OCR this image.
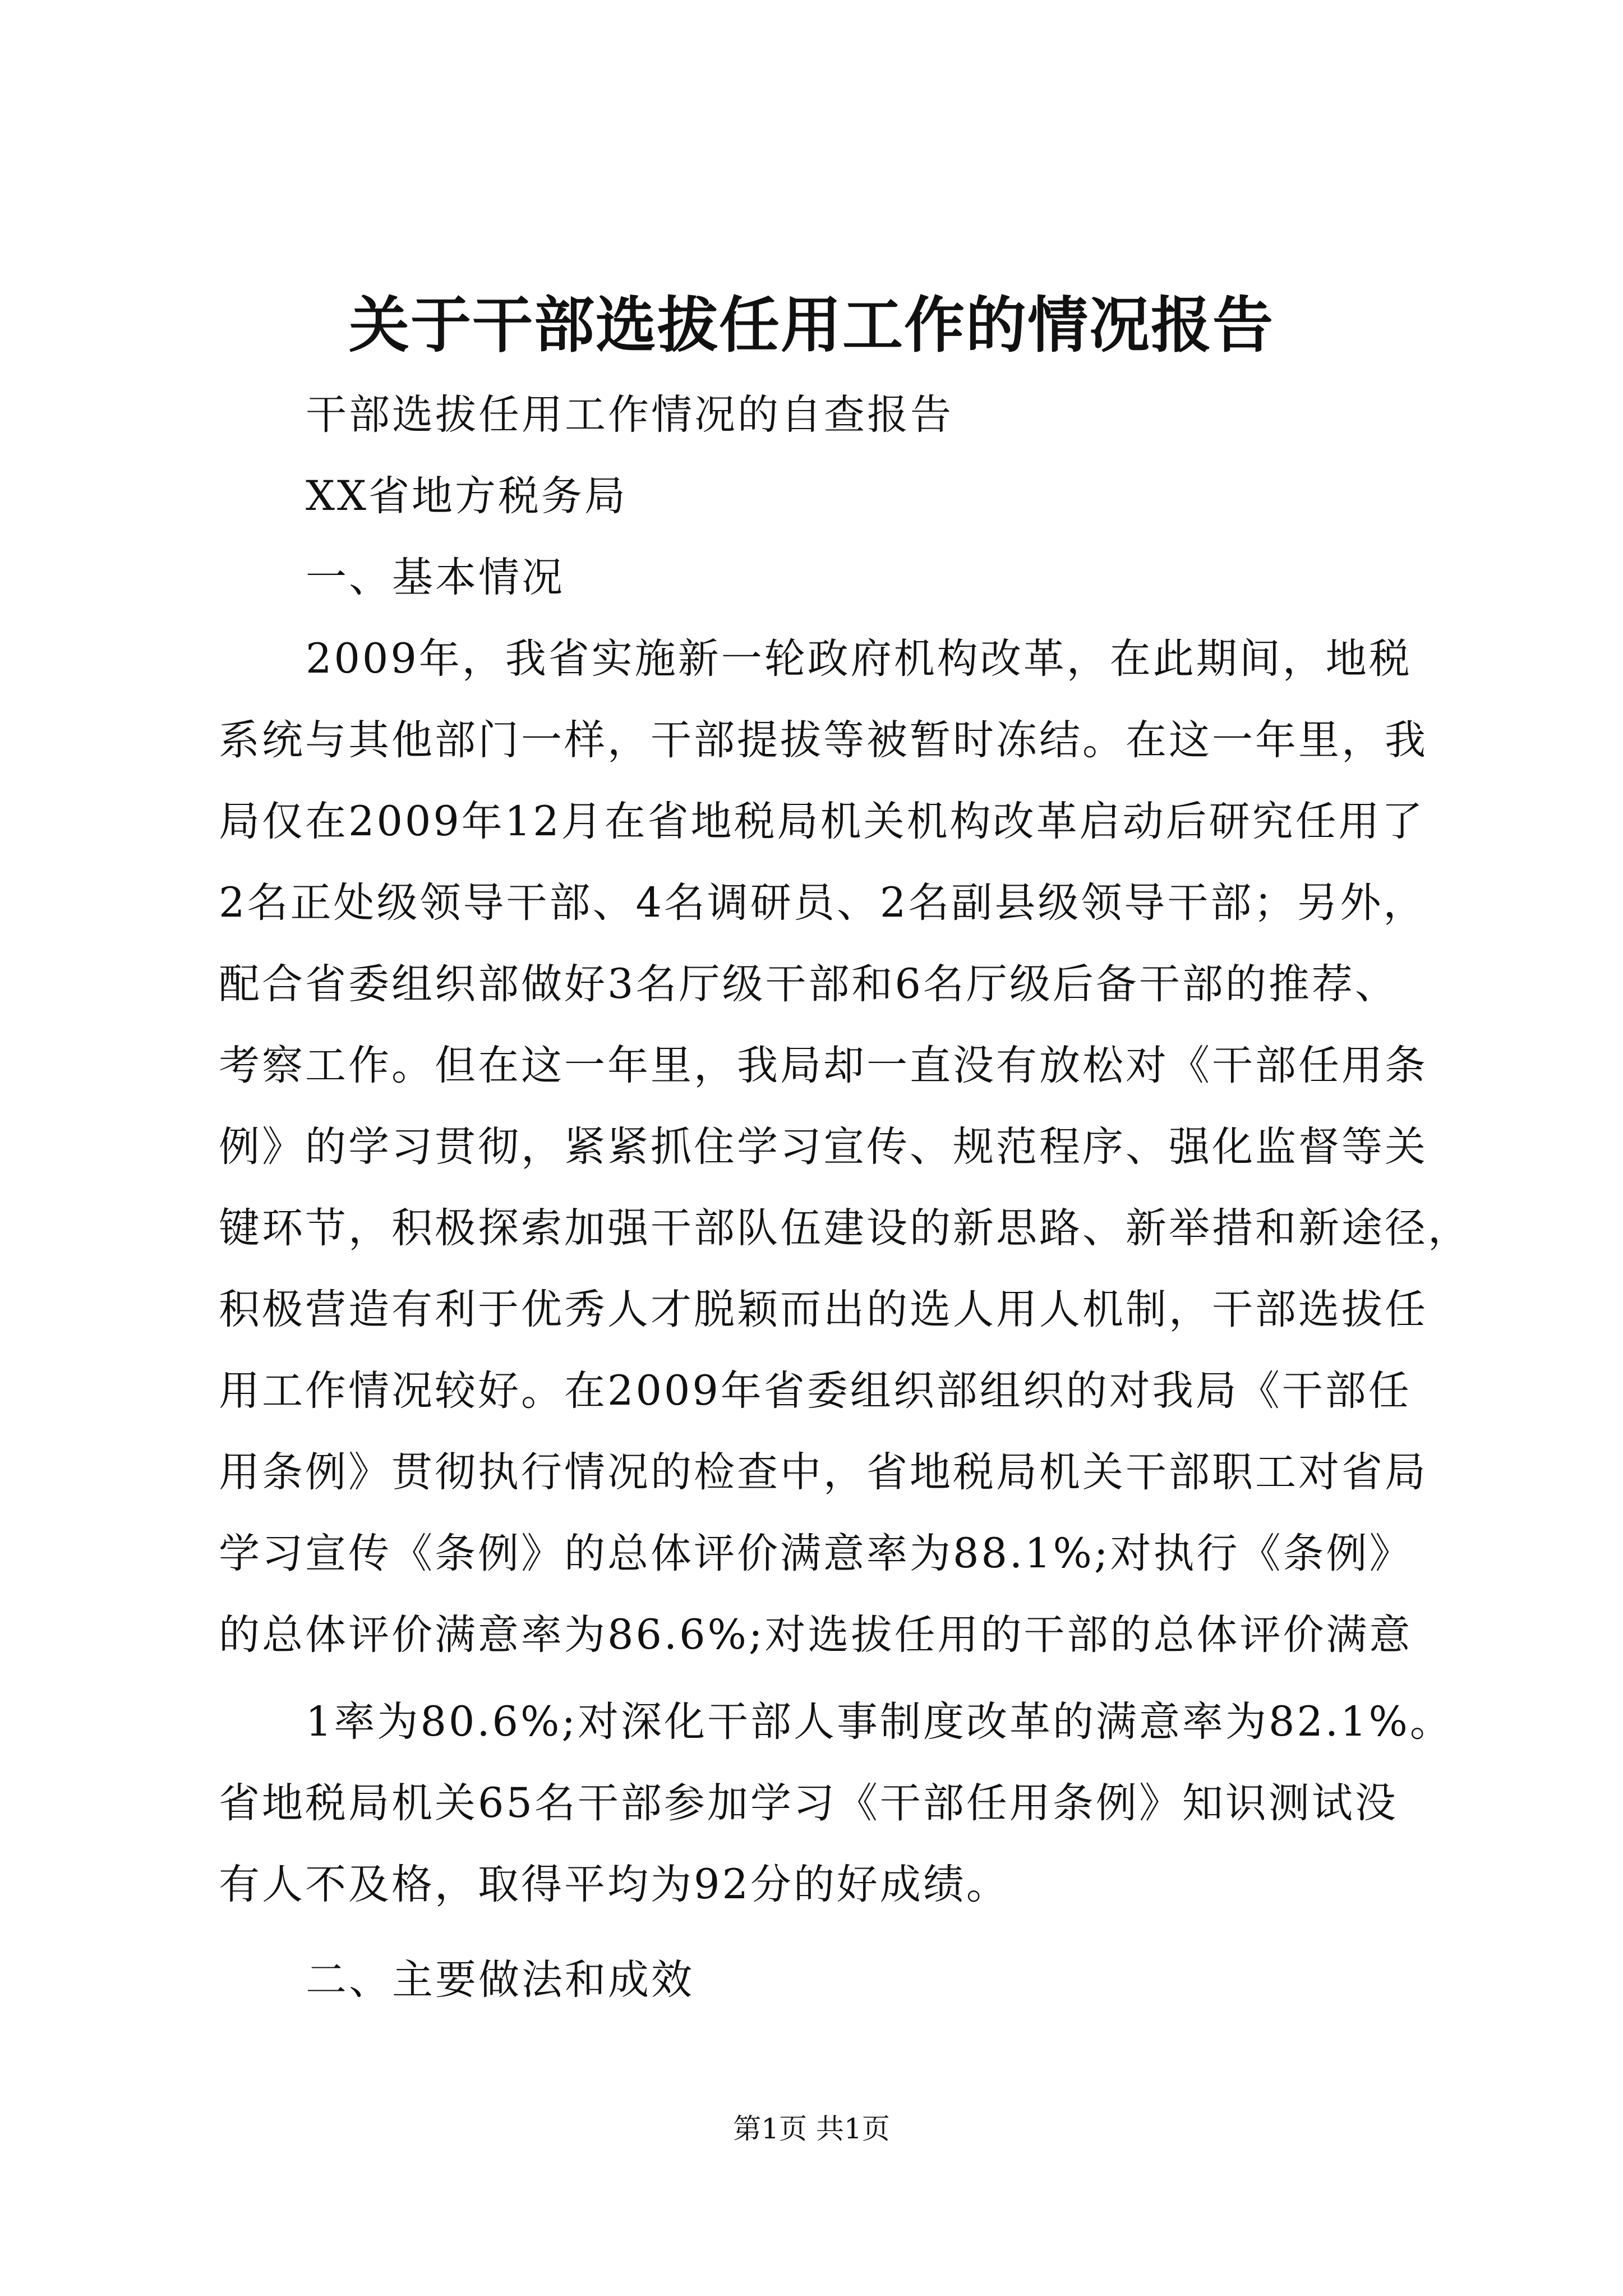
关于干部选拔任用工作的情况报告

干部选拔任用工作情况的自查报告

XX省地方税务局

一、基本情况

2009年，我省实施新一轮政府机构改革，在此期间，地税

系统与其他部门一样，干部提拔等被暂时冻结。在这一年里，我

局仅在2009年12月在省地税局机关机构改革启动后研究任用了

2名正处级领导干部、4名调研员、2名副县级领导干部；另外，

配合省委组织部做好3名厅级干部和6名厅级后备干部的推荐、

考察工作。但在这一年里，我局却一直没有放松对《干部任用条

例》的学习贯彻，紧紧抓住学习宣传、规范程序、强化监督等关

键环节，积极探索加强干部队伍建设的新思路、新举措和新途径，

积极营造有利于优秀人才脱颖而出的选人用人机制，干部选拔任

用工作情况较好。在2009年省委组织部组织的对我局《干部任

用条例》贯彻执行情况的检查中，省地税局机关干部职工对省局

学习宣传《条例》的总体评价满意率为88.1%;对执行《条例》

的总体评价满意率为86.6%;对选拔任用的干部的总体评价满意

1率为80.6%;对深化干部人事制度改革的满意率为82.1%。

省地税局机关65名干部参加学习《干部任用条例》知识测试没

有人不及格，取得平均为92分的好成绩。

二、主要做法和成效

第1页 共1页
